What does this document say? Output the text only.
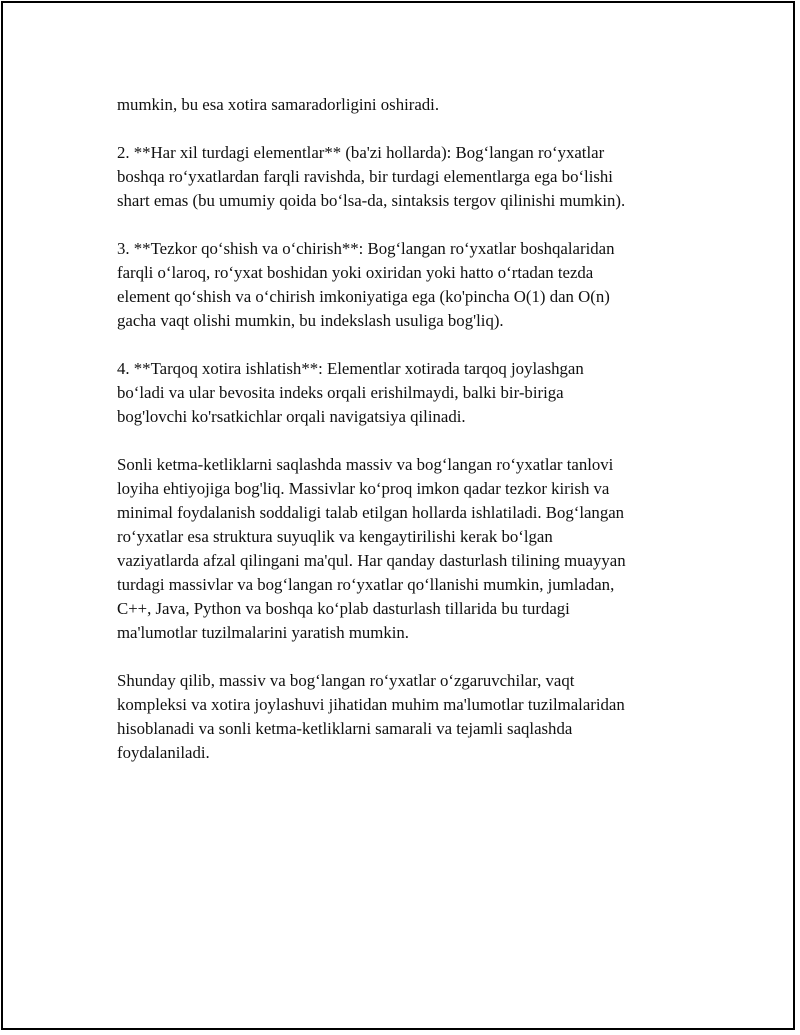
mumkin, bu esa xotira samaradorligini oshiradi.
2. **Har xil turdagi elementlar** (ba'zi hollarda): Bog‘langan ro‘yxatlar
boshqa ro‘yxatlardan farqli ravishda, bir turdagi elementlarga ega bo‘lishi
shart emas (bu umumiy qoida bo‘lsa-da, sintaksis tergov qilinishi mumkin).
3. **Tezkor qo‘shish va o‘chirish**: Bog‘langan ro‘yxatlar boshqalaridan
farqli o‘laroq, ro‘yxat boshidan yoki oxiridan yoki hatto o‘rtadan tezda
element qo‘shish va o‘chirish imkoniyatiga ega (ko'pincha O(1) dan O(n)
gacha vaqt olishi mumkin, bu indekslash usuliga bog'liq).
4. **Tarqoq xotira ishlatish**: Elementlar xotirada tarqoq joylashgan
bo‘ladi va ular bevosita indeks orqali erishilmaydi, balki bir-biriga
bog'lovchi ko'rsatkichlar orqali navigatsiya qilinadi.
Sonli ketma-ketliklarni saqlashda massiv va bog‘langan ro‘yxatlar tanlovi
loyiha ehtiyojiga bog'liq. Massivlar ko‘proq imkon qadar tezkor kirish va
minimal foydalanish soddaligi talab etilgan hollarda ishlatiladi. Bog‘langan
ro‘yxatlar esa struktura suyuqlik va kengaytirilishi kerak bo‘lgan
vaziyatlarda afzal qilingani ma'qul. Har qanday dasturlash tilining muayyan
turdagi massivlar va bog‘langan ro‘yxatlar qo‘llanishi mumkin, jumladan,
C++, Java, Python va boshqa ko‘plab dasturlash tillarida bu turdagi
ma'lumotlar tuzilmalarini yaratish mumkin.
Shunday qilib, massiv va bog‘langan ro‘yxatlar o‘zgaruvchilar, vaqt
kompleksi va xotira joylashuvi jihatidan muhim ma'lumotlar tuzilmalaridan
hisoblanadi va sonli ketma-ketliklarni samarali va tejamli saqlashda
foydalaniladi.
